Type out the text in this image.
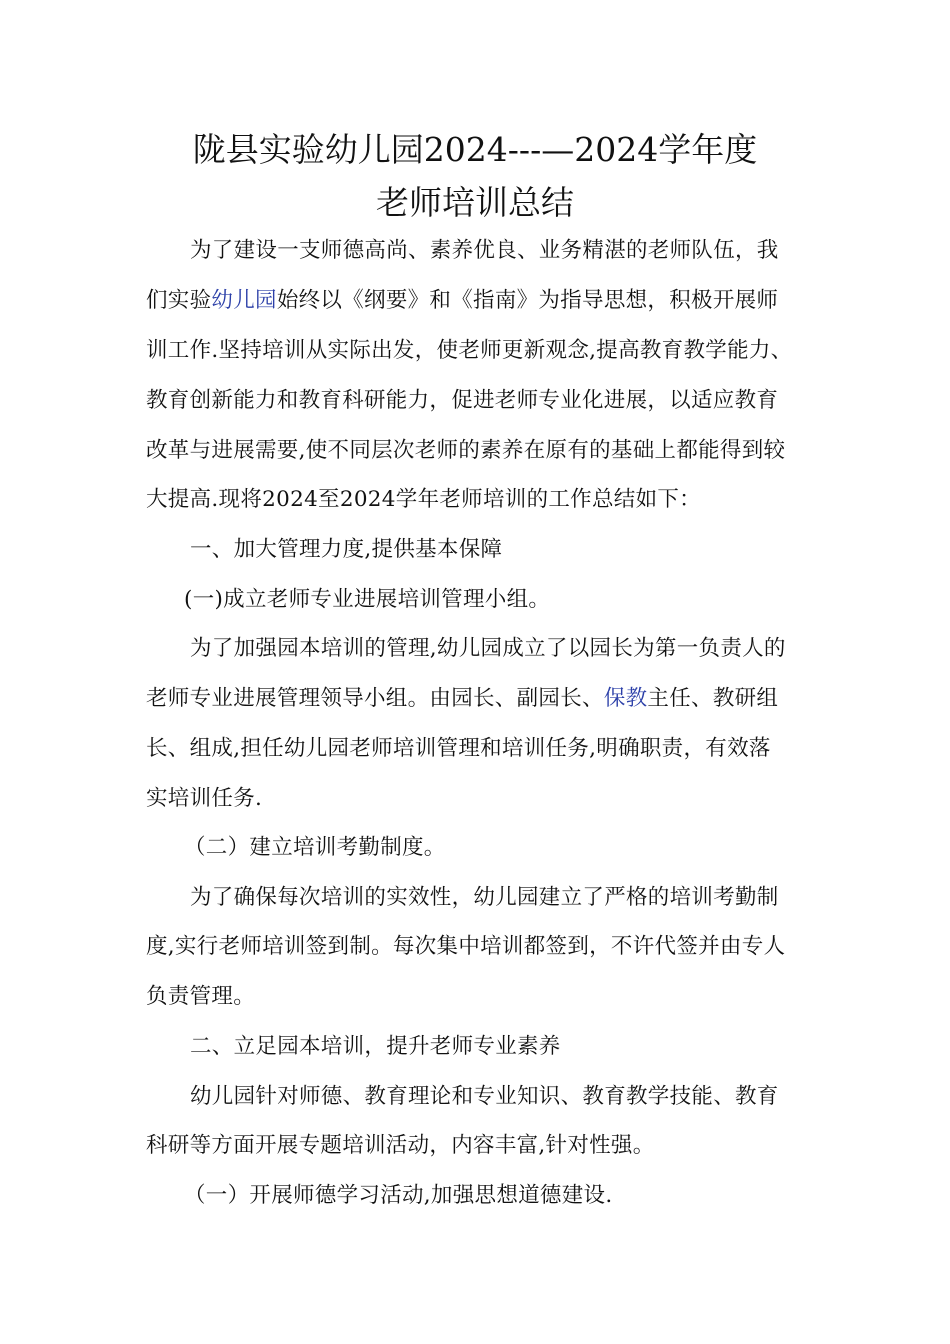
陇县实验幼儿园2024---—2024学年度
老师培训总结
为了建设一支师德高尚、素养优良、业务精湛的老师队伍，我
们实验幼儿园始终以《纲要》和《指南》为指导思想，积极开展师
训工作.坚持培训从实际出发，使老师更新观念,提高教育教学能力、
教育创新能力和教育科研能力，促进老师专业化进展，以适应教育
改革与进展需要,使不同层次老师的素养在原有的基础上都能得到较
大提高.现将2024至2024学年老师培训的工作总结如下：
一、加大管理力度,提供基本保障
(一)成立老师专业进展培训管理小组。
为了加强园本培训的管理,幼儿园成立了以园长为第一负责人的
老师专业进展管理领导小组。由园长、副园长、保教主任、教研组
长、组成,担任幼儿园老师培训管理和培训任务,明确职责，有效落
实培训任务.
（二）建立培训考勤制度。
为了确保每次培训的实效性，幼儿园建立了严格的培训考勤制
度,实行老师培训签到制。每次集中培训都签到，不许代签并由专人
负责管理。
二、立足园本培训，提升老师专业素养
幼儿园针对师德、教育理论和专业知识、教育教学技能、教育
科研等方面开展专题培训活动，内容丰富,针对性强。
（一）开展师德学习活动,加强思想道德建设.
